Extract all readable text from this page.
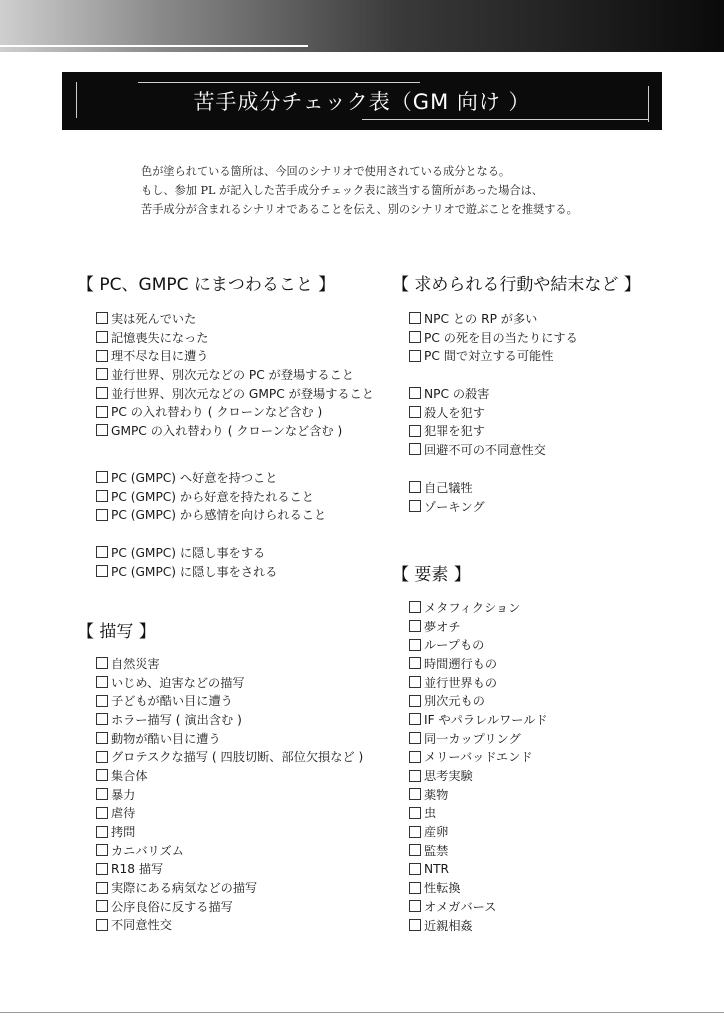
苦手成分チェック表（GM 向け ）

色が塗られている箇所は、今回のシナリオで使用されている成分となる。

もし、参加 PL が記入した苦手成分チェック表に該当する箇所があった場合は、

苦手成分が含まれるシナリオであることを伝え、別のシナリオで遊ぶことを推奨する。

【 PC、GMPC にまつわること 】
実は死んでいた
記憶喪失になった
理不尽な目に遭う
並行世界、別次元などの PC が登場すること
並行世界、別次元などの GMPC が登場すること
PC の入れ替わり ( クローンなど含む )
GMPC の入れ替わり ( クローンなど含む )
PC (GMPC) へ好意を持つこと
PC (GMPC) から好意を持たれること
PC (GMPC) から感情を向けられること
PC (GMPC) に隠し事をする
PC (GMPC) に隠し事をされる
【 描写 】
自然災害
いじめ、迫害などの描写
子どもが酷い目に遭う
ホラー描写 ( 演出含む )
動物が酷い目に遭う
グロテスクな描写 ( 四肢切断、部位欠損など )
集合体
暴力
虐待
拷問
カニバリズム
R18 描写
実際にある病気などの描写
公序良俗に反する描写
不同意性交
【 求められる行動や結末など 】
NPC との RP が多い
PC の死を目の当たりにする
PC 間で対立する可能性
NPC の殺害
殺人を犯す
犯罪を犯す
回避不可の不同意性交
自己犠牲
ゾーキング
【 要素 】
メタフィクション
夢オチ
ループもの
時間遡行もの
並行世界もの
別次元もの
IF やパラレルワールド
同一カップリング
メリーバッドエンド
思考実験
薬物
虫
産卵
監禁
NTR
性転換
オメガバース
近親相姦
